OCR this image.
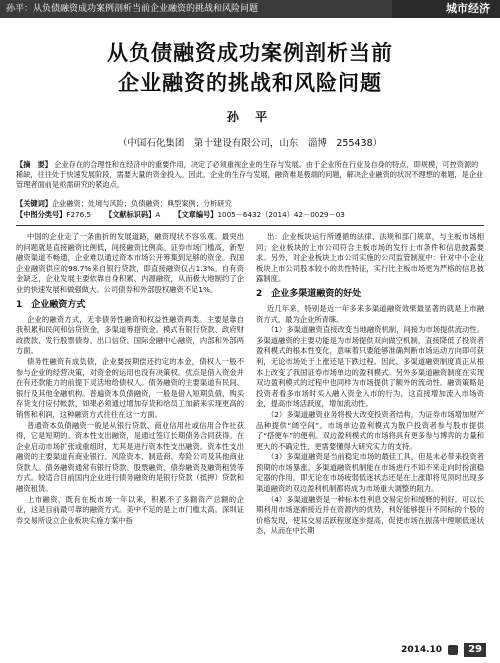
孙平：从负债融资成功案例剖析当前企业融资的挑战和风险问题	城市经济
从负债融资成功案例剖析当前
企业融资的挑战和风险问题
孙 平
（中国石化集团　第十建设有限公司，山东　淄博　255438）
【摘　要】 企业存在的合理性和在经济中的重要作用，决定了必须重视企业的生存与发展。由于企业所在行业及自身的特点，即规模，可控资源的稀缺，往往处于快速发展阶段，需要大量的资金投入。因此，企业的生存与发展，融资难是极端的问题，解决企业融资的状况不理想的难题，是企业管理者面前是亟需研究的紧迫点。
【关键词】企业融资；处境与风险；负债融资；典型案例；分析研究
【中图分类号】F276.5 【文献标识码】A 【文章编号】1005－6432（2014）42－0029－03

中国的企业走了一条曲折的发展道路，融资现状不容乐观。最突出的问题就是直接融资比例低，间接融资比例高。证券市场门槛高，新型融资渠道不畅通，企业难以通过资本市场公开筹集到足够的资金。我国企业融资供应的98.7%来自银行贷款，即直接融资仅占1.3%。自有资金缺乏，企业发展主要依靠自身积累、内源融资，从而极大地制约了企业的快速发展和做强做大。公司债券和外部股权融资不足1%。

1　企业融资方式

企业的融资方式，无非债务性融资和权益性融资两类。主要是靠自我积累和民间和信贷资金，多渠道筹措资金。模式有银行贷款、政府财政拨款、发行股票债券、出口信贷、国际金融中心融资，内部和外部两方面。

债务性融资有成负债，企业要按期偿还约定的本金，债权人一般不参与企业的经营决策，对资金的运用也没有决策权。优点是借入资金并在有还款能力的前提下灵活地给债权人。债务融资的主要渠道有民间、银行及其他金融机构。普遍资本负债融资，一般是借入短期负债，购买存货支付应付帐款，如果必须通过增加存货和给员工加薪来实现更高的销售和利润，这种融资方式往往在这一方面。

普通资本负债融资一般是从银行贷款、商业信用社或信用合作社获得，它是短期的。资本性支出融资，是通过签订长期债务合同获得。在企业启动市场扩张或重组时，尤其是进行资本性支出融资。资本性支出融资的主要渠道有商业银行、风险资本、制造商、寿险公司及其他商业贷款人。债务融资通常有银行贷款、股票融资、债券融资及融资租赁等方式。较适合目前国内企业进行债务融资的是银行贷款（抵押）贷款和融资租赁。

上市融资，既有在板市场一年以来，积累不了多额资产总额的企业，这是目前最可靠的融资方式。美中不足的是上市门槛太高。深圳证券交易所设立企业板块实施方案中指

出：企业板块运行所遵循的法律、法规和部门规章，与主板市场相同；企业板块的上市公司符合主板市场的发行上市条件和信息披露要求。另外，对企业板块上市公司实施的公司监管制度中：针对中小企业板块上市公司股本较小的共性特征，实行比主板市场更为严格的信息披露制度。

2　企业多渠道融资的好处

近几年来，特别是近一年多来多渠道融资效果最显著的就是上市融资方式，最为企业所青睐。

（1）多渠道融资直接改变当地融资机制，间接为市场提供流动性。多渠道融资的主要功能是为市场提供双向做空机制，直接降低了投资者盈利模式的根本性变化，意味着只要能够准确判断市场运动方向即可获利，无论市场处于上涨还是下跌过程。因此，多渠道融资制度真正从根本上改变了我国证券市场单边的盈利模式。另外多渠道融资制度在实现双边盈利模式的过程中也同样为市场提供了额外的流动性。融资策略是投资者看多市场时买入融入资金入市的行为，这直接增加流入市场资金，提高市场活跃度，增加流动性。

（2）多渠道融资业务将极大改变投资者结构，为证券市场增加财产品种提供“阔空间”。市场单边盈利模式为散户投资者参与股市提供了“搭便车”的便利。双边盈利模式的市场将具有更多参与博弈的力量和更大的不确定性，更需要懂得大研究实力的支持。

（3）多渠道融资是当前稳定市场的最佳工具，但是未必带来投资者预期的市场暴涨。多渠道融资机制能在市场进行不知不来走向时扮演稳定器的作用，即无论在市场疲弱低迷状态还是在上涨即将见顶时出现多渠道融资的双边盈利机制都将成为市场重大调整的阻力。

（4）多渠道融资是一种标本性利息交易定价和缓释的利好。可以长期利用市场逐渐接近并在资源内的优势，利好能够提升不同标的个股的价格发现，使其交易活跃程度逐步提高，促使市场在振荡中理顺低迷状态，从而在中长期

2014.10	29
